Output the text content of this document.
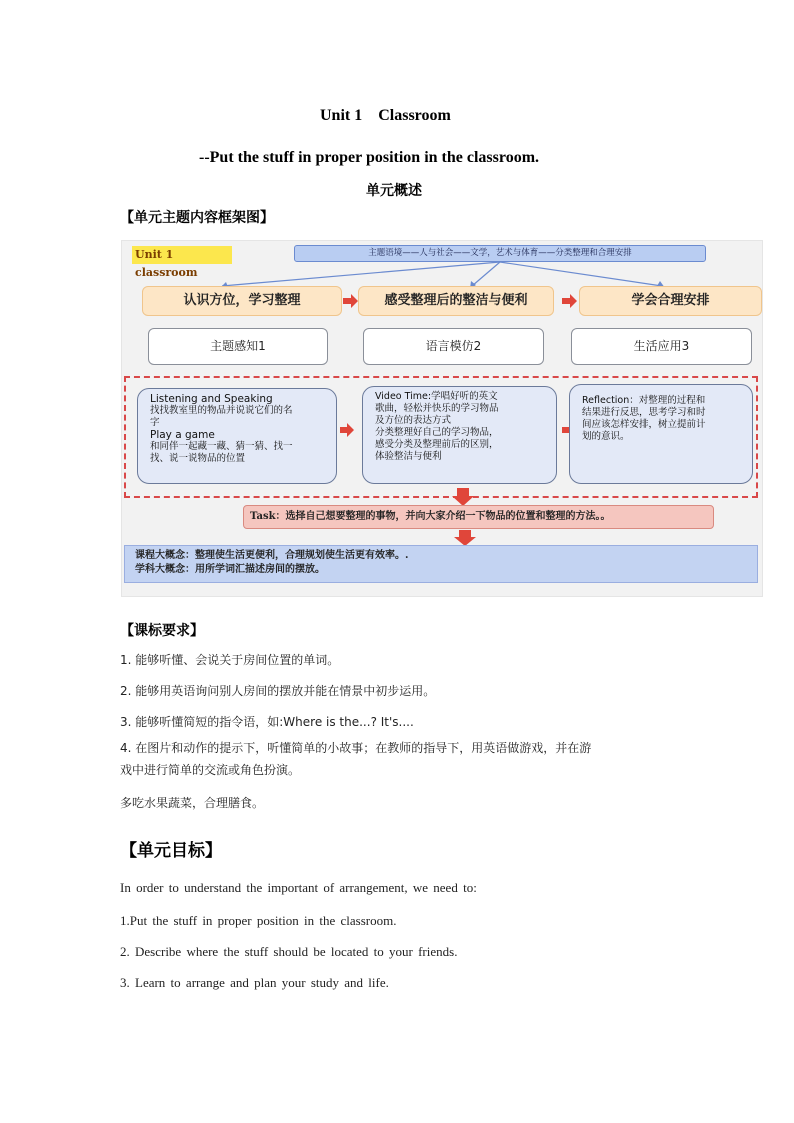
Unit 1    Classroom
--Put the stuff in proper position in the classroom.
单元概述
【单元主题内容框架图】
Unit 1 classroom
主题语境——人与社会——文学，艺术与体育——分类整理和合理安排
认识方位，学习整理	感受整理后的整洁与便利	学会合理安排
主题感知1	语言模仿2	生活应用3
Listening and Speaking
找找教室里的物品并说说它们的名
字
Play a game
和同伴一起藏一藏、猜一猜、找一
找、说一说物品的位置
Video Time:学唱好听的英文
歌曲，轻松并快乐的学习物品
及方位的表达方式
分类整理好自己的学习物品，
感受分类及整理前后的区别，
体验整洁与便利
Reflection：对整理的过程和
结果进行反思，思考学习和时
间应该怎样安排，树立提前计
划的意识。
Task：选择自己想要整理的事物，并向大家介绍一下物品的位置和整理的方法。。
课程大概念：整理使生活更便利，合理规划使生活更有效率。.
学科大概念：用所学词汇描述房间的摆放。
【课标要求】
1. 能够听懂、会说关于房间位置的单词。
2. 能够用英语询问别人房间的摆放并能在情景中初步运用。
3. 能够听懂简短的指令语，如:Where is the...? It's....
4. 在图片和动作的提示下，听懂简单的小故事；在教师的指导下，用英语做游戏，并在游
戏中进行简单的交流或角色扮演。
多吃水果蔬菜，合理膳食。
【单元目标】
In order to understand the important of arrangement, we need to:
1.Put the stuff in proper position in the classroom.
2. Describe where the stuff should be located to your friends.
3. Learn to arrange and plan your study and life.
